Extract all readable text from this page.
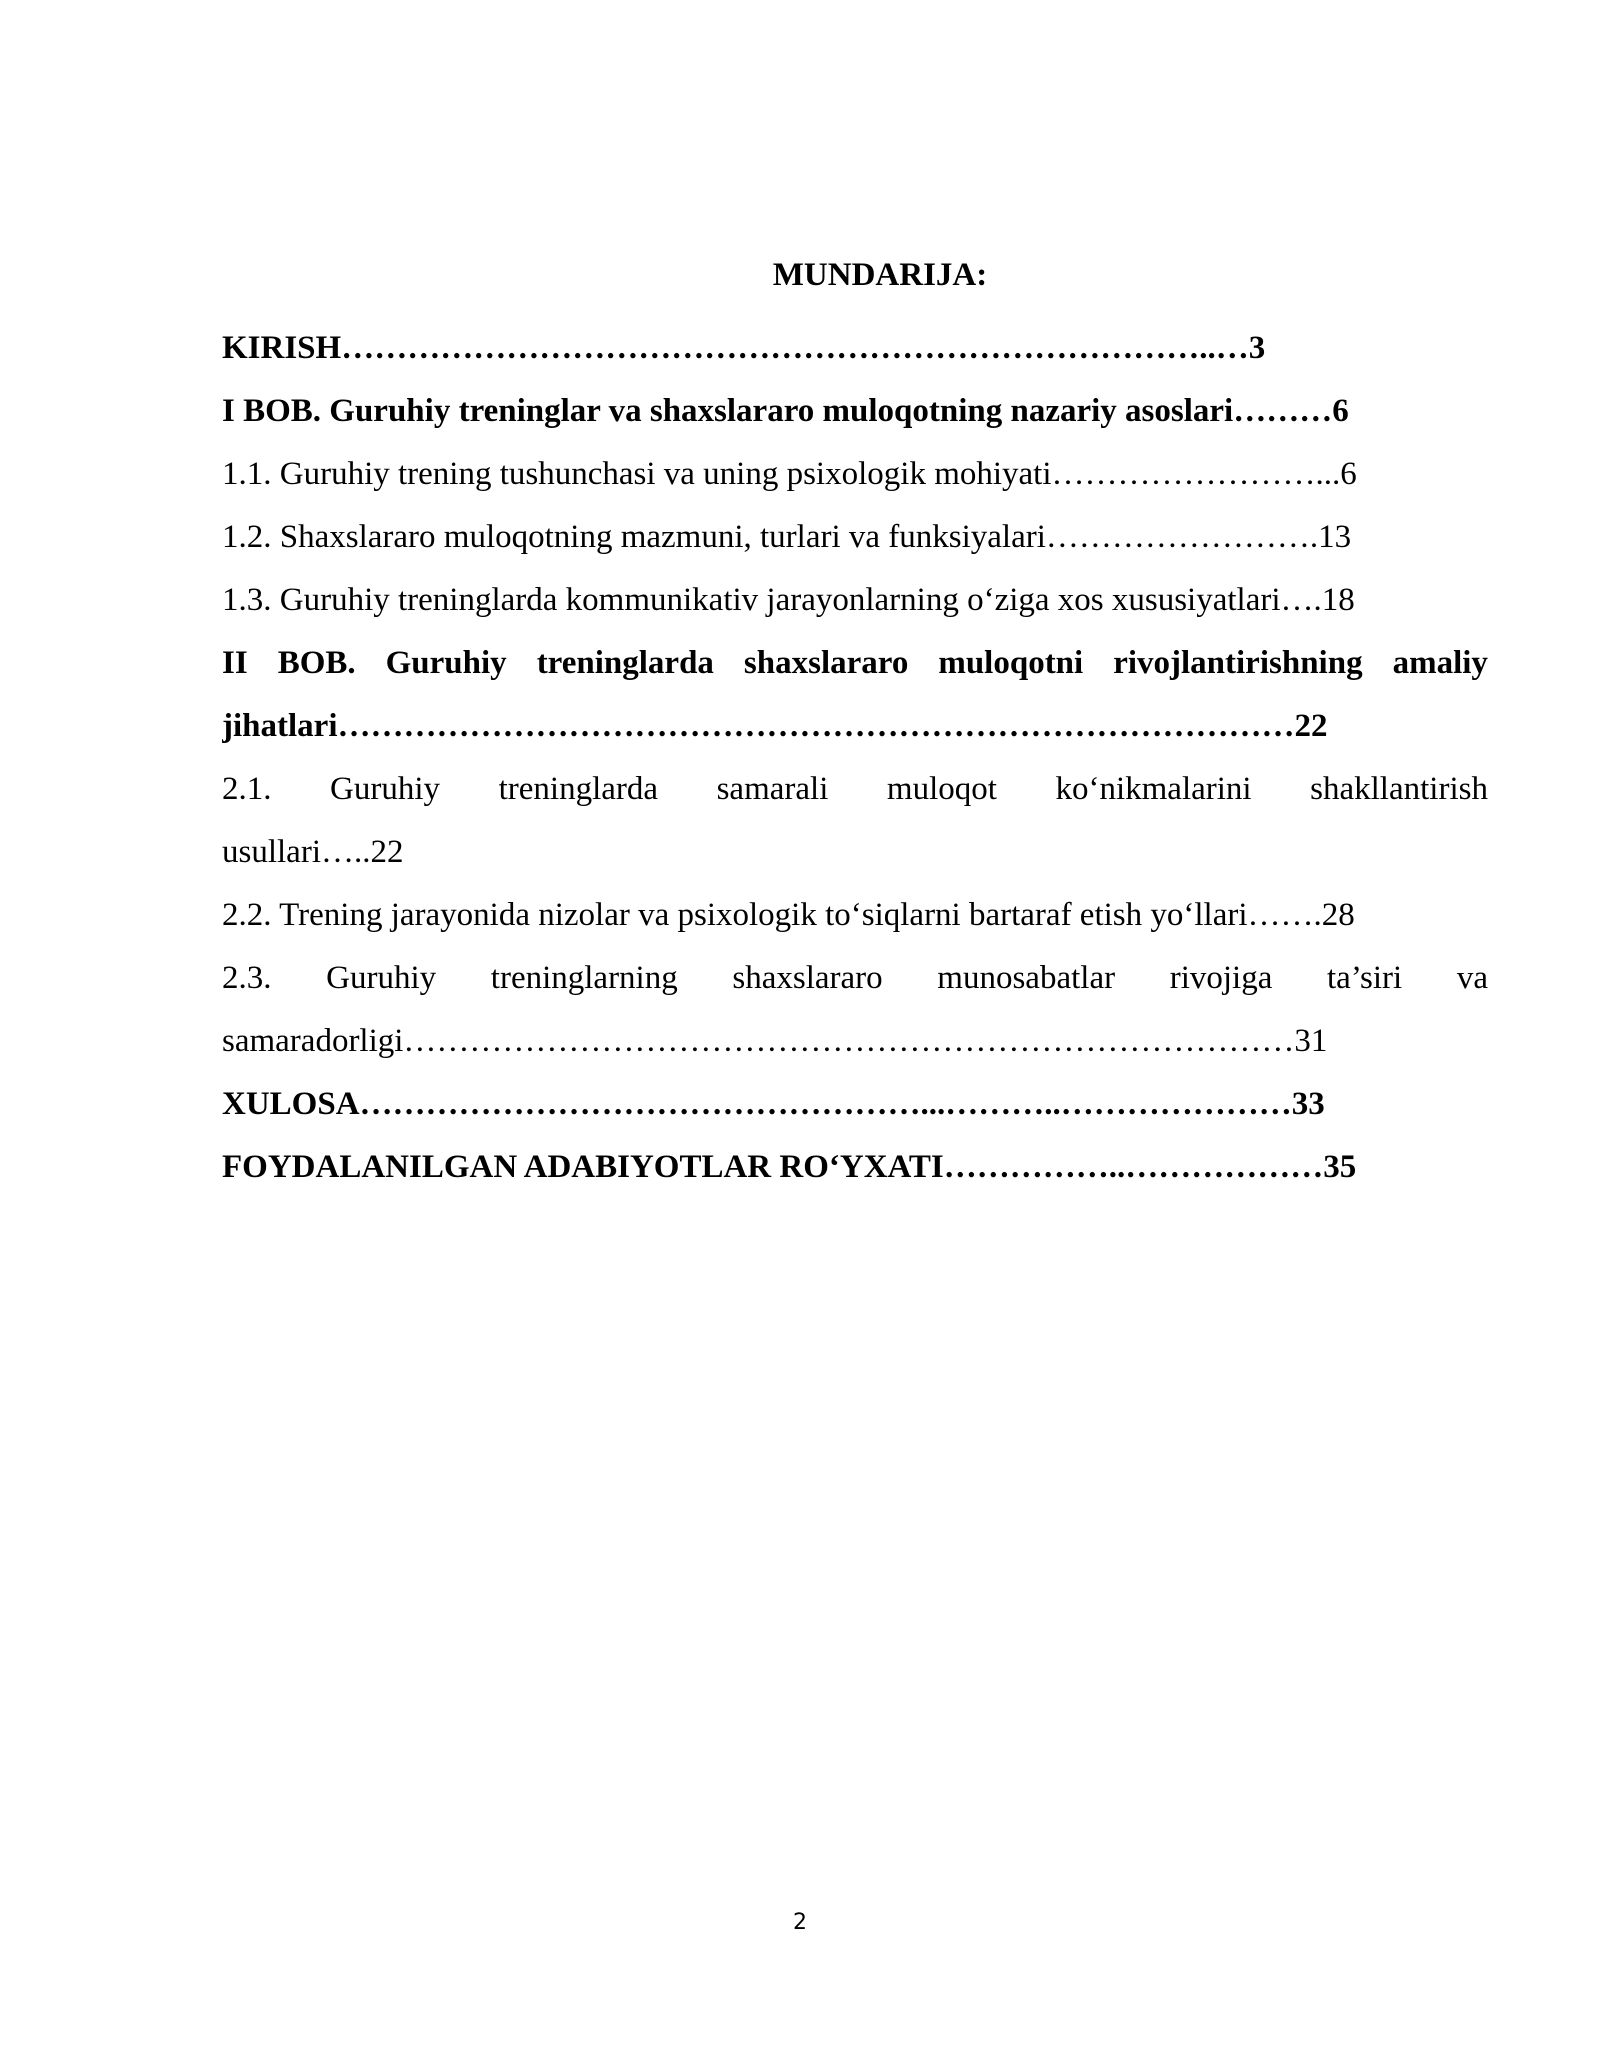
MUNDARIJA:
KIRISH……………………………………………………………………..…3
I BOB. Guruhiy treninglar va shaxslararo muloqotning nazariy asoslari………6
1.1. Guruhiy trening tushunchasi va uning psixologik mohiyati……………………...6
1.2. Shaxslararo muloqotning mazmuni, turlari va funksiyalari…………………….13
1.3. Guruhiy treninglarda kommunikativ jarayonlarning o‘ziga xos xususiyatlari….18
II BOB. Guruhiy treninglarda shaxslararo muloqotni rivojlantirishning amaliy
jihatlari……………………………………………………………………………22
2.1. Guruhiy treninglarda samarali muloqot ko‘nikmalarini shakllantirish
usullari…..22
2.2. Trening jarayonida nizolar va psixologik to‘siqlarni bartaraf etish yo‘llari…….28
2.3. Guruhiy treninglarning shaxslararo munosabatlar rivojiga ta’siri va
samaradorligi………………………………………………………………………31
XULOSA……………………………………………...………..…………………33
FOYDALANILGAN ADABIYOTLAR RO‘YXATI……………..………………35
2
